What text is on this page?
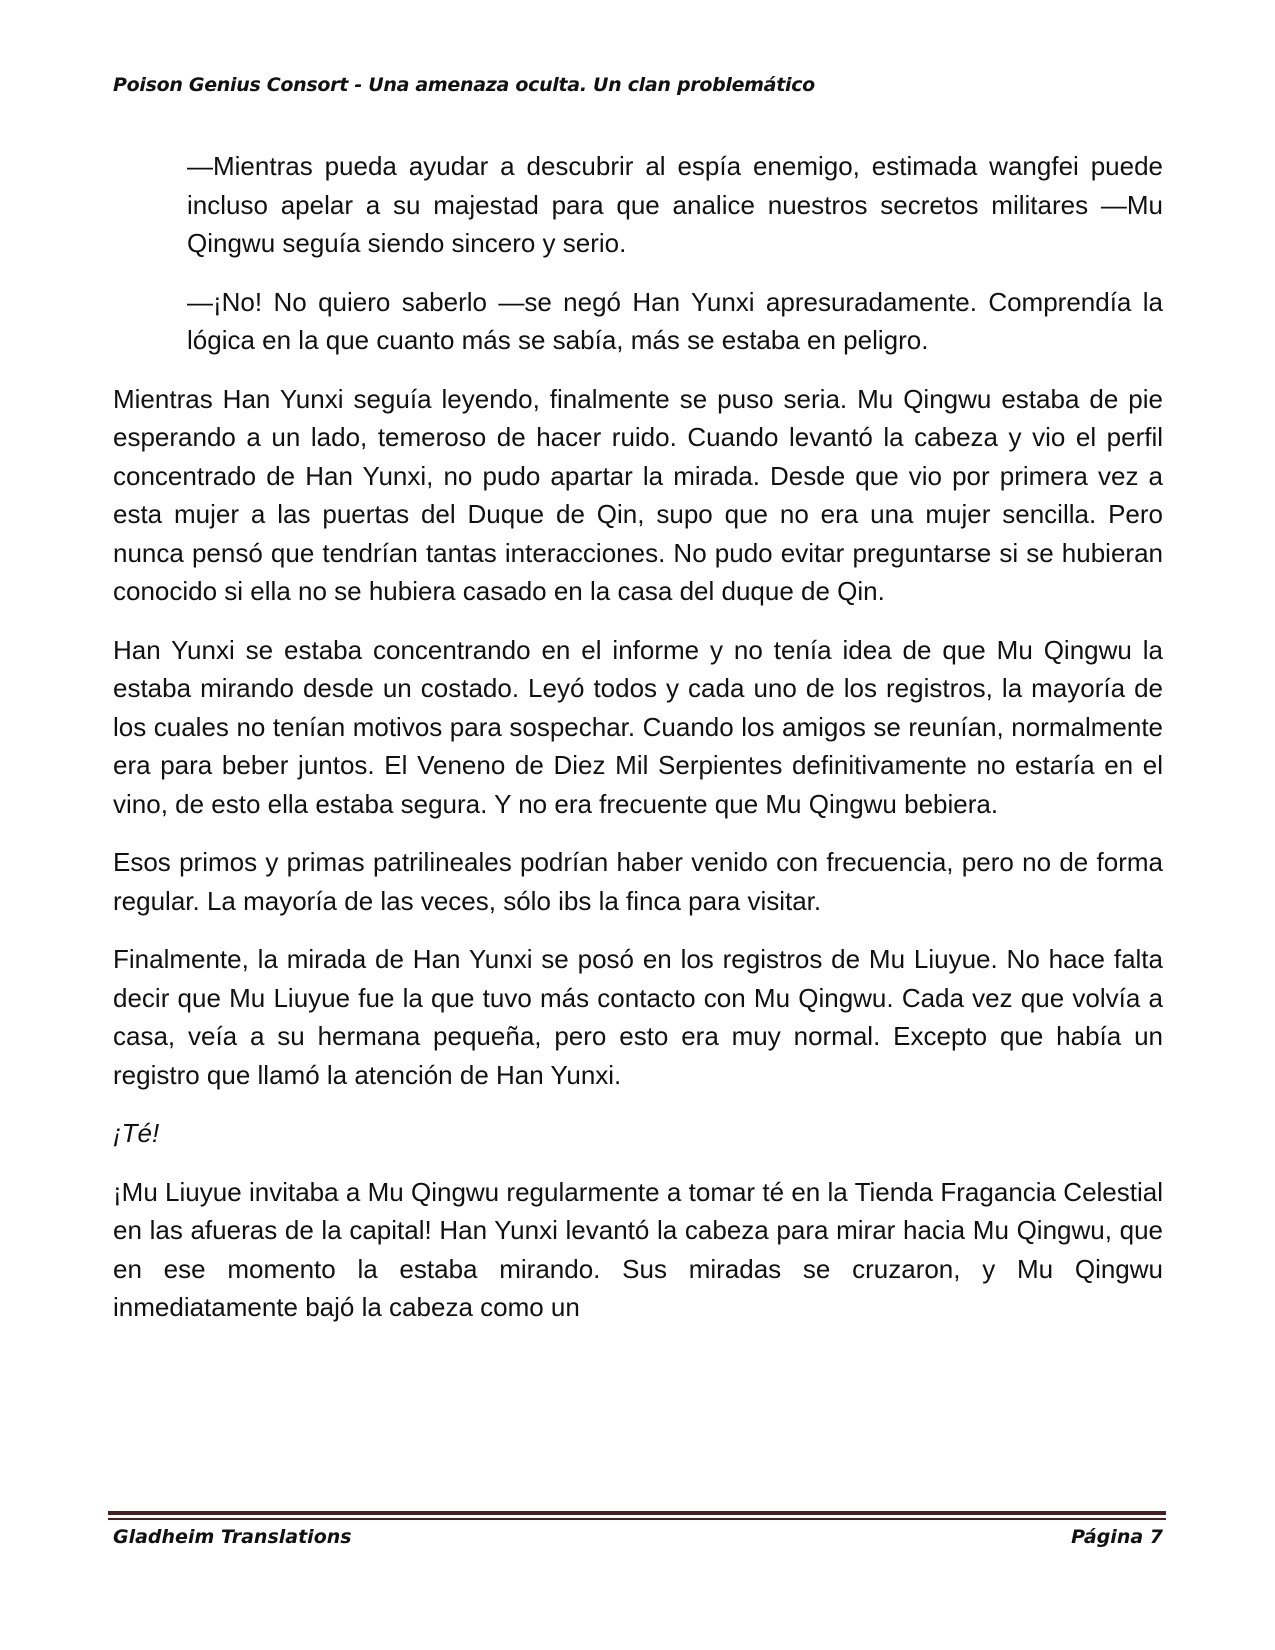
Poison Genius Consort - Una amenaza oculta. Un clan problemático

—Mientras pueda ayudar a descubrir al espía enemigo, estimada wangfei puede incluso apelar a su majestad para que analice nuestros secretos militares —Mu Qingwu seguía siendo sincero y serio.

—¡No! No quiero saberlo —se negó Han Yunxi apresuradamente. Comprendía la lógica en la que cuanto más se sabía, más se estaba en peligro.

Mientras Han Yunxi seguía leyendo, finalmente se puso seria. Mu Qingwu estaba de pie esperando a un lado, temeroso de hacer ruido. Cuando levantó la cabeza y vio el perfil concentrado de Han Yunxi, no pudo apartar la mirada. Desde que vio por primera vez a esta mujer a las puertas del Duque de Qin, supo que no era una mujer sencilla. Pero nunca pensó que tendrían tantas interacciones. No pudo evitar preguntarse si se hubieran conocido si ella no se hubiera casado en la casa del duque de Qin.

Han Yunxi se estaba concentrando en el informe y no tenía idea de que Mu Qingwu la estaba mirando desde un costado. Leyó todos y cada uno de los registros, la mayoría de los cuales no tenían motivos para sospechar. Cuando los amigos se reunían, normalmente era para beber juntos. El Veneno de Diez Mil Serpientes definitivamente no estaría en el vino, de esto ella estaba segura. Y no era frecuente que Mu Qingwu bebiera.

Esos primos y primas patrilineales podrían haber venido con frecuencia, pero no de forma regular. La mayoría de las veces, sólo ibs la finca para visitar.

Finalmente, la mirada de Han Yunxi se posó en los registros de Mu Liuyue. No hace falta decir que Mu Liuyue fue la que tuvo más contacto con Mu Qingwu. Cada vez que volvía a casa, veía a su hermana pequeña, pero esto era muy normal. Excepto que había un registro que llamó la atención de Han Yunxi.

¡Té!

¡Mu Liuyue invitaba a Mu Qingwu regularmente a tomar té en la Tienda Fragancia Celestial en las afueras de la capital! Han Yunxi levantó la cabeza para mirar hacia Mu Qingwu, que en ese momento la estaba mirando. Sus miradas se cruzaron, y Mu Qingwu inmediatamente bajó la cabeza como un

Gladheim Translations	Página 7
